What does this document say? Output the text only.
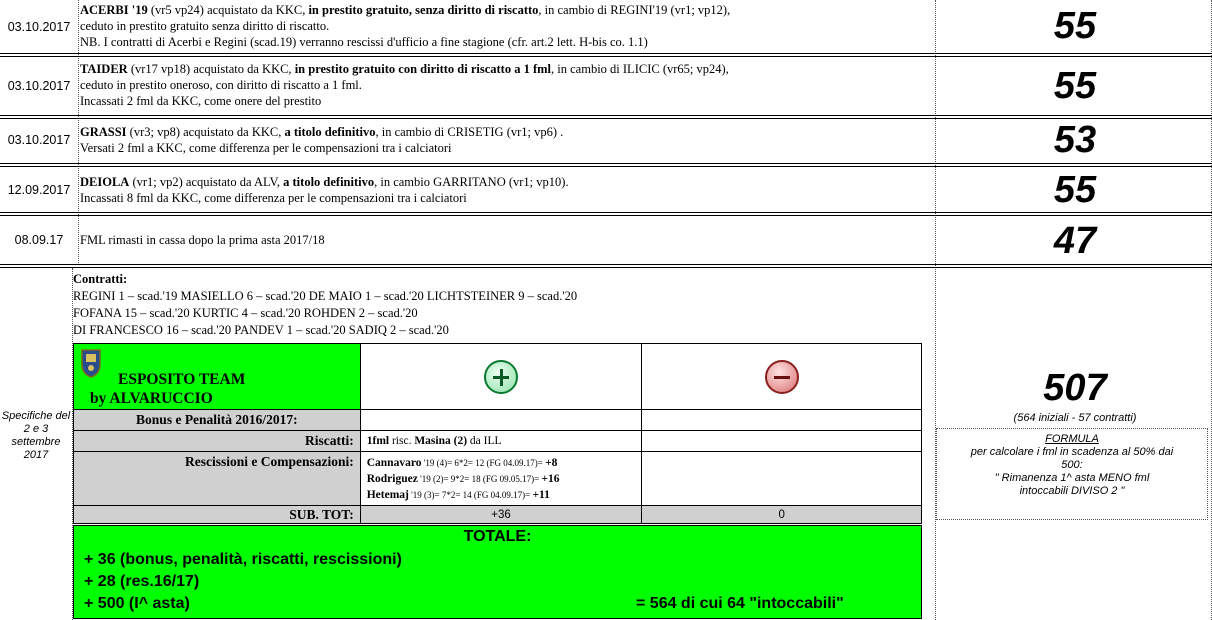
03.10.2017
ACERBI '19 (vr5 vp24) acquistato da KKC, in prestito gratuito, senza diritto di riscatto, in cambio di REGINI'19 (vr1; vp12),
ceduto in prestito gratuito senza diritto di riscatto.
NB. I contratti di Acerbi e Regini (scad.19) verranno rescissi d'ufficio a fine stagione (cfr. art.2 lett. H-bis co. 1.1)	55
03.10.2017
TAIDER (vr17 vp18) acquistato da KKC, in prestito gratuito con diritto di riscatto a 1 fml, in cambio di ILICIC (vr65; vp24),
ceduto in prestito oneroso, con diritto di riscatto a 1 fml.
Incassati 2 fml da KKC, come onere del prestito	55
03.10.2017
GRASSI (vr3; vp8) acquistato da KKC, a titolo definitivo, in cambio di CRISETIG (vr1; vp6) .
Versati 2 fml a KKC, come differenza per le compensazioni tra i calciatori	53
12.09.2017
DEIOLA (vr1; vp2) acquistato da ALV, a titolo definitivo, in cambio GARRITANO (vr1; vp10).
Incassati 8 fml da KKC, come differenza per le compensazioni tra i calciatori	55
08.09.17	FML rimasti in cassa dopo la prima asta 2017/18	47
Specifiche del 2 e 3 settembre 2017
Contratti:
REGINI 1 – scad.'19 MASIELLO 6 – scad.'20 DE MAIO 1 – scad.'20 LICHTSTEINER 9 – scad.'20
FOFANA 15 – scad.'20 KURTIC 4 – scad.'20 ROHDEN 2 – scad.'20
DI FRANCESCO 16 – scad.'20 PANDEV 1 – scad.'20 SADIQ 2 – scad.'20
ESPOSITO TEAM
by ALVARUCCIO		

Bonus e Penalità 2016/2017:		
Riscatti:	1fml risc. Masina (2) da ILL	
Rescissioni e Compensazioni:	Cannavaro '19 (4)= 6*2= 12 (FG 04.09.17)= +8
Rodriguez '19 (2)= 9*2= 18 (FG 09.05.17)= +16
Hetemaj '19 (3)= 7*2= 14 (FG 04.09.17)= +11	

SUB. TOT:	+36	0
TOTALE:
+ 36 (bonus, penalità, riscatti, rescissioni)
+ 28 (res.16/17)
+ 500 (I^ asta)	= 564 di cui 64 "intoccabili"
507
(564 iniziali - 57 contratti)
FORMULA
per calcolare i fml in scadenza al 50% dai
500:
" Rimanenza 1^ asta MENO fml
intoccabili DIVISO 2 "
